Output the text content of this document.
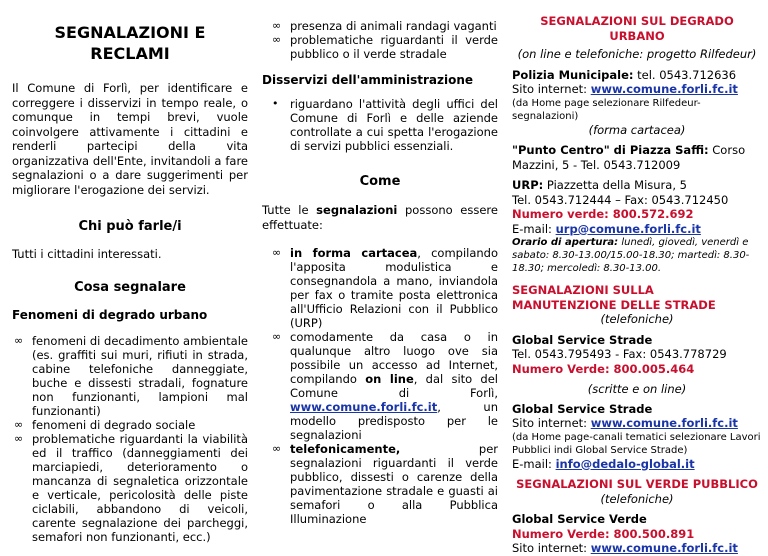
SEGNALAZIONI E
RECLAMI
Il Comune di Forlì, per identificare e correggere i disservizi in tempo reale, o comunque in tempi brevi, vuole coinvolgere attivamente i cittadini e renderli partecipi della vita organizzativa dell'Ente, invitandoli a fare segnalazioni o a dare suggerimenti per migliorare l'erogazione dei servizi.
Chi può farle/i
Tutti i cittadini interessati.
Cosa segnalare
Fenomeni di degrado urbano
∞ fenomeni di decadimento ambientale (es. graffiti sui muri, rifiuti in strada, cabine telefoniche danneggiate, buche e dissesti stradali, fognature non funzionanti, lampioni mal funzionanti)
∞ fenomeni di degrado sociale
∞ problematiche riguardanti la viabilità ed il traffico (danneggiamenti dei marciapiedi, deterioramento o mancanza di segnaletica orizzontale e verticale, pericolosità delle piste ciclabili, abbandono di veicoli, carente segnalazione dei parcheggi, semafori non funzionanti, ecc.)
∞ presenza di animali randagi vaganti
∞ problematiche riguardanti il verde pubblico o il verde stradale
Disservizi dell'amministrazione
• riguardano l'attività degli uffici del Comune di Forlì e delle aziende controllate a cui spetta l'erogazione di servizi pubblici essenziali.
Come
Tutte le segnalazioni possono essere effettuate:
∞ in forma cartacea, compilando l'apposita modulistica e consegnandola a mano, inviandola per fax o tramite posta elettronica all'Ufficio Relazioni con il Pubblico (URP)
∞ comodamente da casa o in qualunque altro luogo ove sia possibile un accesso ad Internet, compilando on line, dal sito del Comune di Forlì, www.comune.forli.fc.it, un modello predisposto per le segnalazioni
∞ telefonicamente, per segnalazioni riguardanti il verde pubblico, dissesti o carenze della pavimentazione stradale e guasti ai semafori o alla Pubblica Illuminazione
SEGNALAZIONI SUL DEGRADO URBANO
(on line e telefoniche: progetto Rilfedeur)
Polizia Municipale: tel. 0543.712636
Sito internet: www.comune.forli.fc.it
(da Home page selezionare Rilfedeur-segnalazioni)
(forma cartacea)
"Punto Centro" di Piazza Saffi: Corso Mazzini, 5 - Tel. 0543.712009
URP: Piazzetta della Misura, 5
Tel. 0543.712444 – Fax: 0543.712450
Numero verde: 800.572.692
E-mail: urp@comune.forli.fc.it
Orario di apertura: lunedì, giovedì, venerdì e sabato: 8.30-13.00/15.00-18.30; martedì: 8.30-18.30; mercoledì: 8.30-13.00.
SEGNALAZIONI SULLA MANUTENZIONE DELLE STRADE
(telefoniche)
Global Service Strade
Tel. 0543.795493 - Fax: 0543.778729
Numero Verde: 800.005.464
(scritte e on line)
Global Service Strade
Sito internet: www.comune.forli.fc.it
(da Home page-canali tematici selezionare Lavori Pubblici indi Global Service Strade)
E-mail: info@dedalo-global.it
SEGNALAZIONI SUL VERDE PUBBLICO
(telefoniche)
Global Service Verde
Numero Verde: 800.500.891
Sito internet: www.comune.forli.fc.it
